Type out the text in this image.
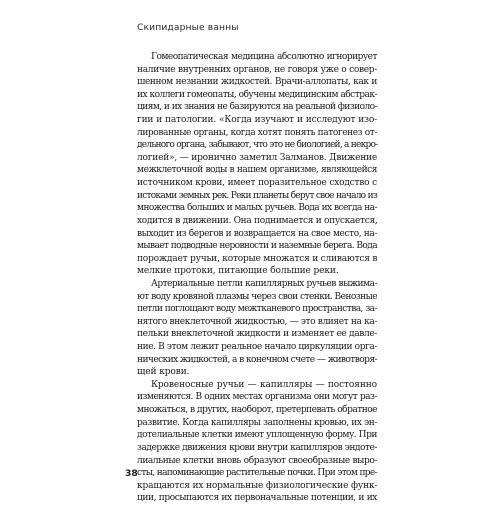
Скипидарные ванны

Гомеопатическая медицина абсолютно игнорирует
наличие внутренних органов, не говоря уже о совер-
шенном незнании жидкостей. Врачи-аллопаты, как и
их коллеги гомеопаты, обучены медицинским абстрак-
циям, и их знания не базируются на реальной физиоло-
гии и патологии. «Когда изучают и исследуют изо-
лированные органы, когда хотят понять патогенез от-
дельного органа, забывают, что это не биологией, а некро-
логией», — иронично заметил Залманов. Движение
межклеточной воды в нашем организме, являющейся
источником крови, имеет поразительное сходство с
истоками земных рек. Реки планеты берут свое начало из
множества больших и малых ручьев. Вода их всегда на-
ходится в движении. Она поднимается и опускается,
выходит из берегов и возвращается на свое место, на-
мывает подводные неровности и наземные берега. Вода
порождает ручьи, которые множатся и сливаются в
мелкие протоки, питающие большие реки.

Артериальные петли капиллярных ручьев выжима-
ют воду кровяной плазмы через свои стенки. Венозные
петли поглощают воду межтканевого пространства, за-
нятого внеклеточной жидкостью, — это влияет на ка-
пельки внеклеточной жидкости и изменяет ее давле-
ние. В этом лежит реальное начало циркуляции орга-
нических жидкостей, а в конечном счете — животворя-
щей крови.

Кровеносные ручьи — капилляры — постоянно
изменяются. В одних местах организма они могут раз-
множаться, в других, наоборот, претерпевать обратное
развитие. Когда капилляры заполнены кровью, их эн-
дотелиальные клетки имеют уплощенную форму. При
задержке движения крови внутри капилляров эндоте-
лиальные клетки вновь образуют своеобразные выро-
сты, напоминающие растительные почки. При этом пре-
кращаются их нормальные физиологические функ-
ции, просыпаются их первоначальные потенции, и их

38
